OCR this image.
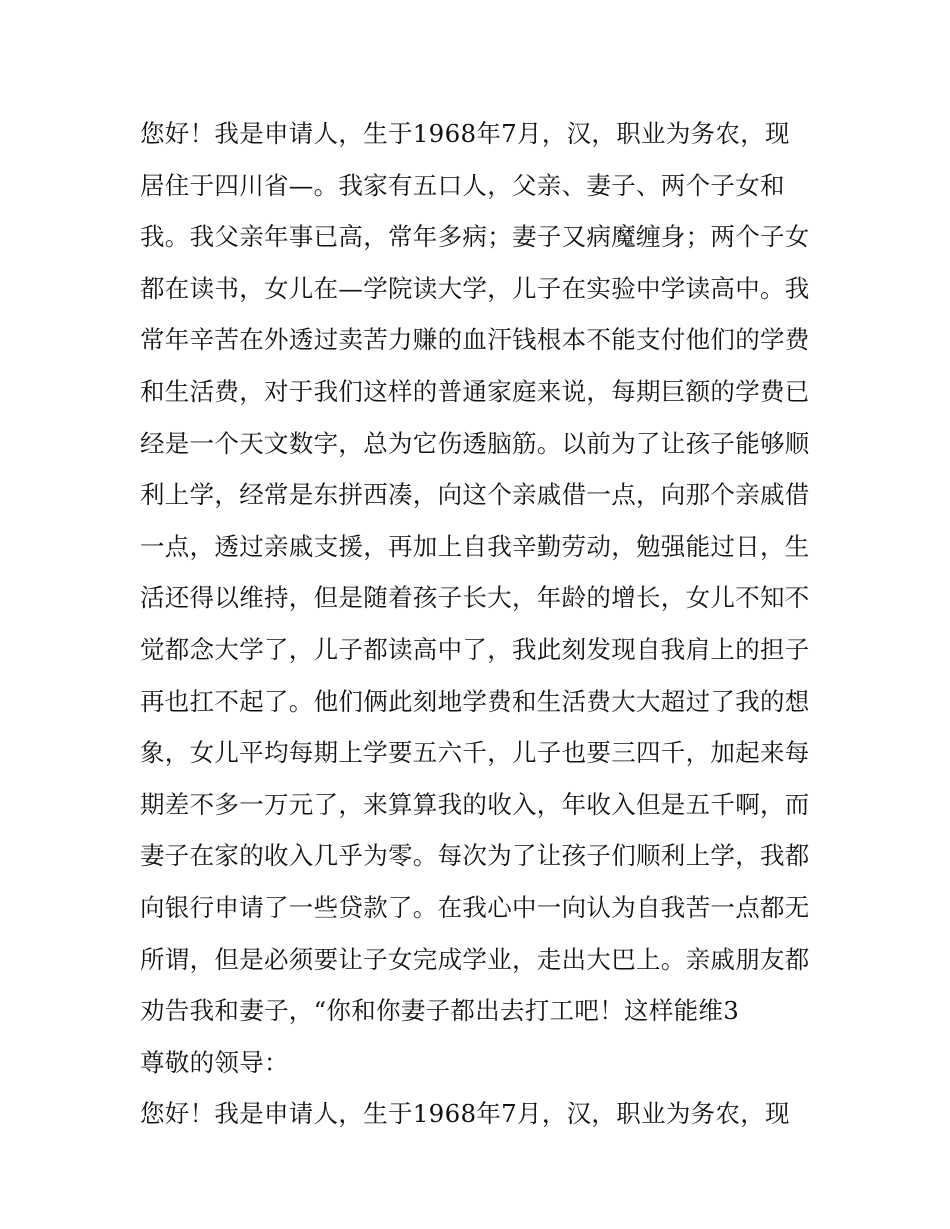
您好！我是申请人，生于1968年7月，汉，职业为务农，现
居住于四川省—。我家有五口人，父亲、妻子、两个子女和
我。我父亲年事已高，常年多病；妻子又病魔缠身；两个子女
都在读书，女儿在—学院读大学，儿子在实验中学读高中。我
常年辛苦在外透过卖苦力赚的血汗钱根本不能支付他们的学费
和生活费，对于我们这样的普通家庭来说，每期巨额的学费已
经是一个天文数字，总为它伤透脑筋。以前为了让孩子能够顺
利上学，经常是东拼西凑，向这个亲戚借一点，向那个亲戚借
一点，透过亲戚支援，再加上自我辛勤劳动，勉强能过日，生
活还得以维持，但是随着孩子长大，年龄的增长，女儿不知不
觉都念大学了，儿子都读高中了，我此刻发现自我肩上的担子
再也扛不起了。他们俩此刻地学费和生活费大大超过了我的想
象，女儿平均每期上学要五六千，儿子也要三四千，加起来每
期差不多一万元了，来算算我的收入，年收入但是五千啊，而
妻子在家的收入几乎为零。每次为了让孩子们顺利上学，我都
向银行申请了一些贷款了。在我心中一向认为自我苦一点都无
所谓，但是必须要让子女完成学业，走出大巴上。亲戚朋友都
劝告我和妻子，“你和你妻子都出去打工吧！这样能维3
尊敬的领导：
您好！我是申请人，生于1968年7月，汉，职业为务农，现
